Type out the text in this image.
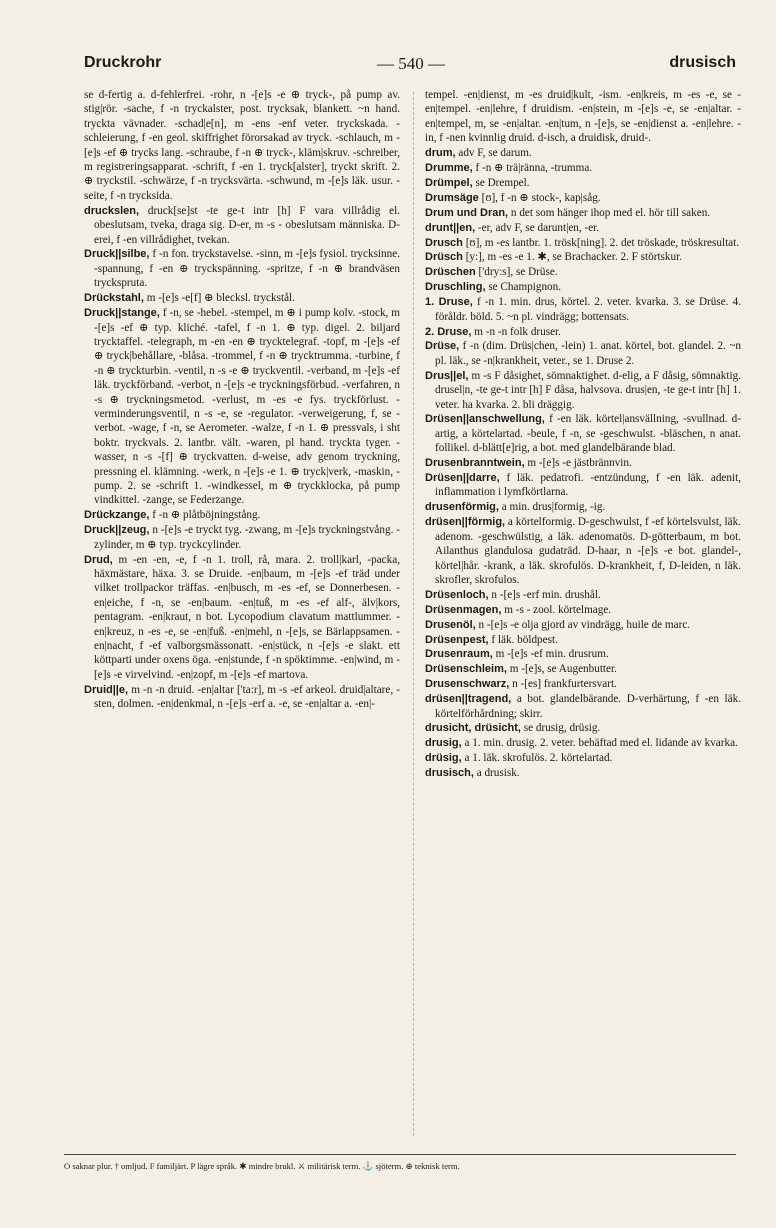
Druckrohr	— 540 —	drusisch

se d-fertig a. d-fehlerfrei. -rohr, n -[e]s -e ⊕ tryck-, på pump av. stig|rör. -sache, f -n tryckalster, post. trycksak, blankett. ~n hand. tryckta vävnader. -schad|e[n], m -ens -enf veter. tryckskada. -schleierung, f -en geol. skiffrighet förorsakad av tryck. -schlauch, m -[e]s -ef ⊕ trycks lang. -schraube, f -n ⊕ tryck-, kläm|skruv. -schreiber, m registreringsapparat. -schrift, f -en 1. tryck[alster], tryckt skrift. 2. ⊕ tryckstil. -schwärze, f -n trycksvärta. -schwund, m -[e]s läk. usur. -seite, f -n trycksida.

druckslen, druck[se]st -te ge-t intr [h] F vara villrådig el. obeslutsam, tveka, draga sig. D-er, m -s - obeslutsam människa. D-erei, f -en villrådighet, tvekan.

Druck||silbe, f -n fon. tryckstavelse. -sinn, m -[e]s fysiol. trycksinne. -spannung, f -en ⊕ tryckspänning. -spritze, f -n ⊕ brandväsen tryckspruta.

Drückstahl, m -[e]s -e[f] ⊕ blecksl. tryckstål.

Druck||stange, f -n, se -hebel. -stempel, m ⊕ i pump kolv. -stock, m -[e]s -ef ⊕ typ. kliché. -tafel, f -n 1. ⊕ typ. digel. 2. biljard trycktaffel. -telegraph, m -en -en ⊕ trycktelegraf. -topf, m -[e]s -ef ⊕ tryck|behållare, -blåsa. -trommel, f -n ⊕ trycktrumma. -turbine, f -n ⊕ tryckturbin. -ventil, n -s -e ⊕ tryckventil. -verband, m -[e]s -ef läk. tryckförband. -verbot, n -[e]s -e tryckningsförbud. -verfahren, n -s ⊕ tryckningsmetod. -verlust, m -es -e fys. tryckförlust. -verminderungsventil, n -s -e, se -regulator. -verweigerung, f, se -verbot. -wage, f -n, se Aerometer. -walze, f -n 1. ⊕ pressvals, i sht boktr. tryckvals. 2. lantbr. vält. -waren, pl hand. tryckta tyger. -wasser, n -s -[f] ⊕ tryckvatten. d-weise, adv genom tryckning, pressning el. klämning. -werk, n -[e]s -e 1. ⊕ tryck|verk, -maskin, -pump. 2. se -schrift 1. -windkessel, m ⊕ tryckklocka, på pump vindkittel. -zange, se Federzange.

Drückzange, f -n ⊕ plåtböjningstång.

Druck||zeug, n -[e]s -e tryckt tyg. -zwang, m -[e]s tryckningstvång. -zylinder, m ⊕ typ. tryckcylinder.

Drud, m -en -en, -e, f -n 1. troll, rå, mara. 2. troll|karl, -packa, häxmästare, häxa. 3. se Druide. -en|baum, m -[e]s -ef träd under vilket trollpackor träffas. -en|busch, m -es -ef, se Donnerbesen. -en|eiche, f -n, se -en|baum. -en|tuß, m -es -ef alf-, älv|kors, pentagram. -en|kraut, n bot. Lycopodium clavatum mattlummer. -en|kreuz, n -es -e, se -en|fuß. -en|mehl, n -[e]s, se Bärlappsamen. -en|nacht, f -ef valborgsmässonatt. -en|stück, n -[e]s -e slakt. ett köttparti under oxens öga. -en|stunde, f -n spöktimme. -en|wind, m -[e]s -e virvelvind. -en|zopf, m -[e]s -ef martova.

Druid||e, m -n -n druid. -en|altar ['ta:r], m -s -ef arkeol. druid|altare, -sten, dolmen. -en|denkmal, n -[e]s -erf a. -e, se -en|altar a. -en|-

tempel. -en|dienst, m -es druid|kult, -ism. -en|kreis, m -es -e, se -en|tempel. -en|lehre, f druidism. -en|stein, m -[e]s -e, se -en|altar. -en|tempel, m, se -en|altar. -en|tum, n -[e]s, se -en|dienst a. -en|lehre. -in, f -nen kvinnlig druid. d-isch, a druidisk, druid-.

drum, adv F, se darum.

Drumme, f -n ⊕ trä|ränna, -trumma.

Drümpel, se Drempel.

Drumsäge [ʊ], f -n ⊕ stock-, kap|såg.

Drum und Dran, n det som hänger ihop med el. hör till saken.

drunt||en, -er, adv F, se darunt|en, -er.

Drusch [ʊ], m -es lantbr. 1. trösk[ning]. 2. det tröskade, tröskresultat.

Drüsch [y:], m -es -e 1. ✱, se Brachacker. 2. F störtskur.

Drüschen ['dry:s], se Drüse.

Druschling, se Champignon.

1. Druse, f -n 1. min. drus, körtel. 2. veter. kvarka. 3. se Drüse. 4. föråldr. böld. 5. ~n pl. vindrägg; bottensats.

2. Druse, m -n -n folk druser.

Drüse, f -n (dim. Drüs|chen, -lein) 1. anat. körtel, bot. glandel. 2. ~n pl. läk., se -n|krankheit, veter., se 1. Druse 2.

Drus||el, m -s F dåsighet, sömnaktighet. d-elig, a F dåsig, sömnaktig. drusel|n, -te ge-t intr [h] F dåsa, halvsova. drus|en, -te ge-t intr [h] 1. veter. ha kvarka. 2. bli dräggig.

Drüsen||anschwellung, f -en läk. körtel|ansvällning, -svullnad. d-artig, a körtelartad. -beule, f -n, se -geschwulst. -bläschen, n anat. follikel. d-blätt[e]rig, a bot. med glandelbärande blad.

Drusenbranntwein, m -[e]s -e jästbrännvin.

Drüsen||darre, f läk. pedatrofi. -entzündung, f -en läk. adenit, inflammation i lymfkörtlarna.

drusenförmig, a min. drus|formig, -ig.

drüsen||förmig, a körtelformig. D-geschwulst, f -ef körtelsvulst, läk. adenom. -geschwülstig, a läk. adenomatös. D-götterbaum, m bot. Ailanthus glandulosa gudaträd. D-haar, n -[e]s -e bot. glandel-, körtel|hår. -krank, a läk. skrofulös. D-krankheit, f, D-leiden, n läk. skrofler, skrofulos.

Drüsenloch, n -[e]s -erf min. drushål.

Drüsenmagen, m -s - zool. körtelmage.

Drusenöl, n -[e]s -e olja gjord av vindrägg, huile de marc.

Drüsenpest, f läk. böldpest.

Drusenraum, m -[e]s -ef min. drusrum.

Drüsenschleim, m -[e]s, se Augenbutter.

Drusenschwarz, n -[es] frankfurtersvart.

drüsen||tragend, a bot. glandelbärande. D-verhärtung, f -en läk. körtelförhårdning; skirr.

drusicht, drüsicht, se drusig, drüsig.

drusig, a 1. min. drusig. 2. veter. behäftad med el. lidande av kvarka.

drüsig, a 1. läk. skrofulös. 2. körtelartad.

drusisch, a drusisk.

O saknar plur. † omljud. F familjärt. P lägre språk. ✱ mindre brukl. ⚔ militärisk term. ⚓ sjöterm. ⊕ teknisk term.
